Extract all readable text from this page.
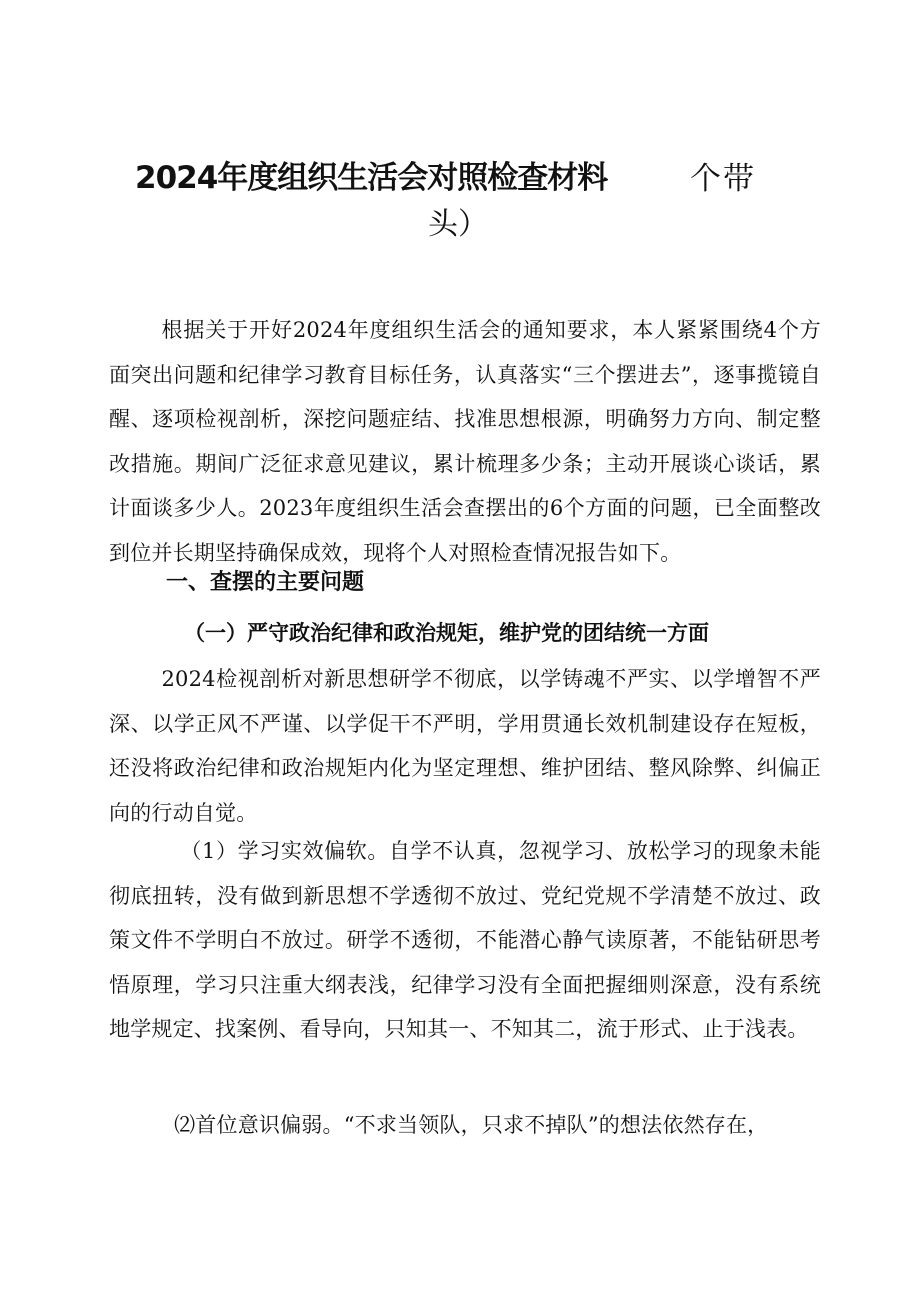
2024年度组织生活会对照检查材料	个带
头）

根据关于开好2024年度组织生活会的通知要求，本人紧紧围绕4个方面突出问题和纪律学习教育目标任务，认真落实“三个摆进去”，逐事揽镜自醒、逐项检视剖析，深挖问题症结、找准思想根源，明确努力方向、制定整改措施。期间广泛征求意见建议，累计梳理多少条；主动开展谈心谈话，累计面谈多少人。2023年度组织生活会查摆出的6个方面的问题，已全面整改到位并长期坚持确保成效，现将个人对照检查情况报告如下。

一、查摆的主要问题
（一）严守政治纪律和政治规矩，维护党的团结统一方面

2024检视剖析对新思想研学不彻底，以学铸魂不严实、以学增智不严深、以学正风不严谨、以学促干不严明，学用贯通长效机制建设存在短板，还没将政治纪律和政治规矩内化为坚定理想、维护团结、整风除弊、纠偏正向的行动自觉。

（1）学习实效偏软。自学不认真，忽视学习、放松学习的现象未能彻底扭转，没有做到新思想不学透彻不放过、党纪党规不学清楚不放过、政策文件不学明白不放过。研学不透彻，不能潜心静气读原著，不能钻研思考悟原理，学习只注重大纲表浅，纪律学习没有全面把握细则深意，没有系统地学规定、找案例、看导向，只知其一、不知其二，流于形式、止于浅表。

⑵首位意识偏弱。“不求当领队，只求不掉队”的想法依然存在，
